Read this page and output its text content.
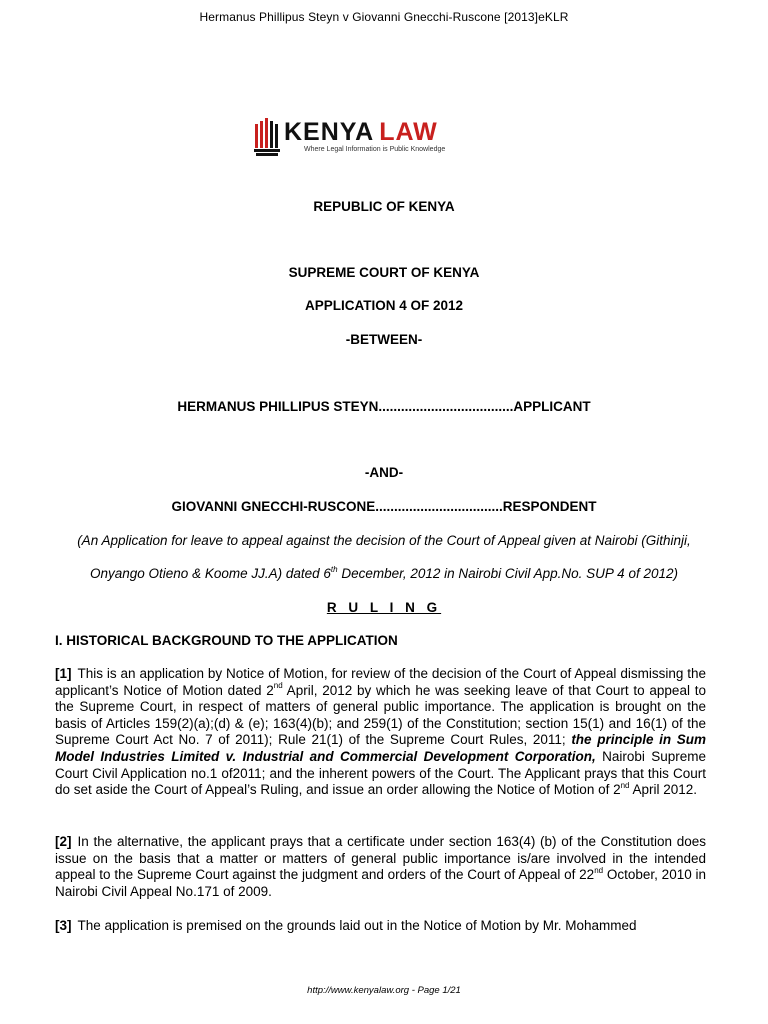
Hermanus Phillipus Steyn v Giovanni Gnecchi-Ruscone [2013]eKLR
KENYA LAW
Where Legal Information is Public Knowledge
REPUBLIC OF KENYA
SUPREME COURT OF KENYA
APPLICATION 4 OF 2012
-BETWEEN-
HERMANUS PHILLIPUS STEYN....................................APPLICANT
-AND-
GIOVANNI GNECCHI-RUSCONE..................................RESPONDENT
(An Application for leave to appeal against the decision of the Court of Appeal given at Nairobi (Githinji,
Onyango Otieno & Koome JJ.A) dated 6th December, 2012 in Nairobi Civil App.No. SUP 4 of 2012)
R U L I N G
I. HISTORICAL BACKGROUND TO THE APPLICATION

[1] This is an application by Notice of Motion, for review of the decision of the Court of Appeal dismissing the applicant’s Notice of Motion dated 2nd April, 2012 by which he was seeking leave of that Court to appeal to the Supreme Court, in respect of matters of general public importance. The application is brought on the basis of Articles 159(2)(a);(d) & (e); 163(4)(b); and 259(1) of the Constitution; section 15(1) and 16(1) of the Supreme Court Act No. 7 of 2011); Rule 21(1) of the Supreme Court Rules, 2011; the principle in Sum Model Industries Limited v. Industrial and Commercial Development Corporation, Nairobi Supreme Court Civil Application no.1 of2011; and the inherent powers of the Court. The Applicant prays that this Court do set aside the Court of Appeal’s Ruling, and issue an order allowing the Notice of Motion of 2nd April 2012.

[2] In the alternative, the applicant prays that a certificate under section 163(4) (b) of the Constitution does issue on the basis that a matter or matters of general public importance is/are involved in the intended appeal to the Supreme Court against the judgment and orders of the Court of Appeal of 22nd October, 2010 in Nairobi Civil Appeal No.171 of 2009.

[3] The application is premised on the grounds laid out in the Notice of Motion by Mr. Mohammed

http://www.kenyalaw.org - Page 1/21
